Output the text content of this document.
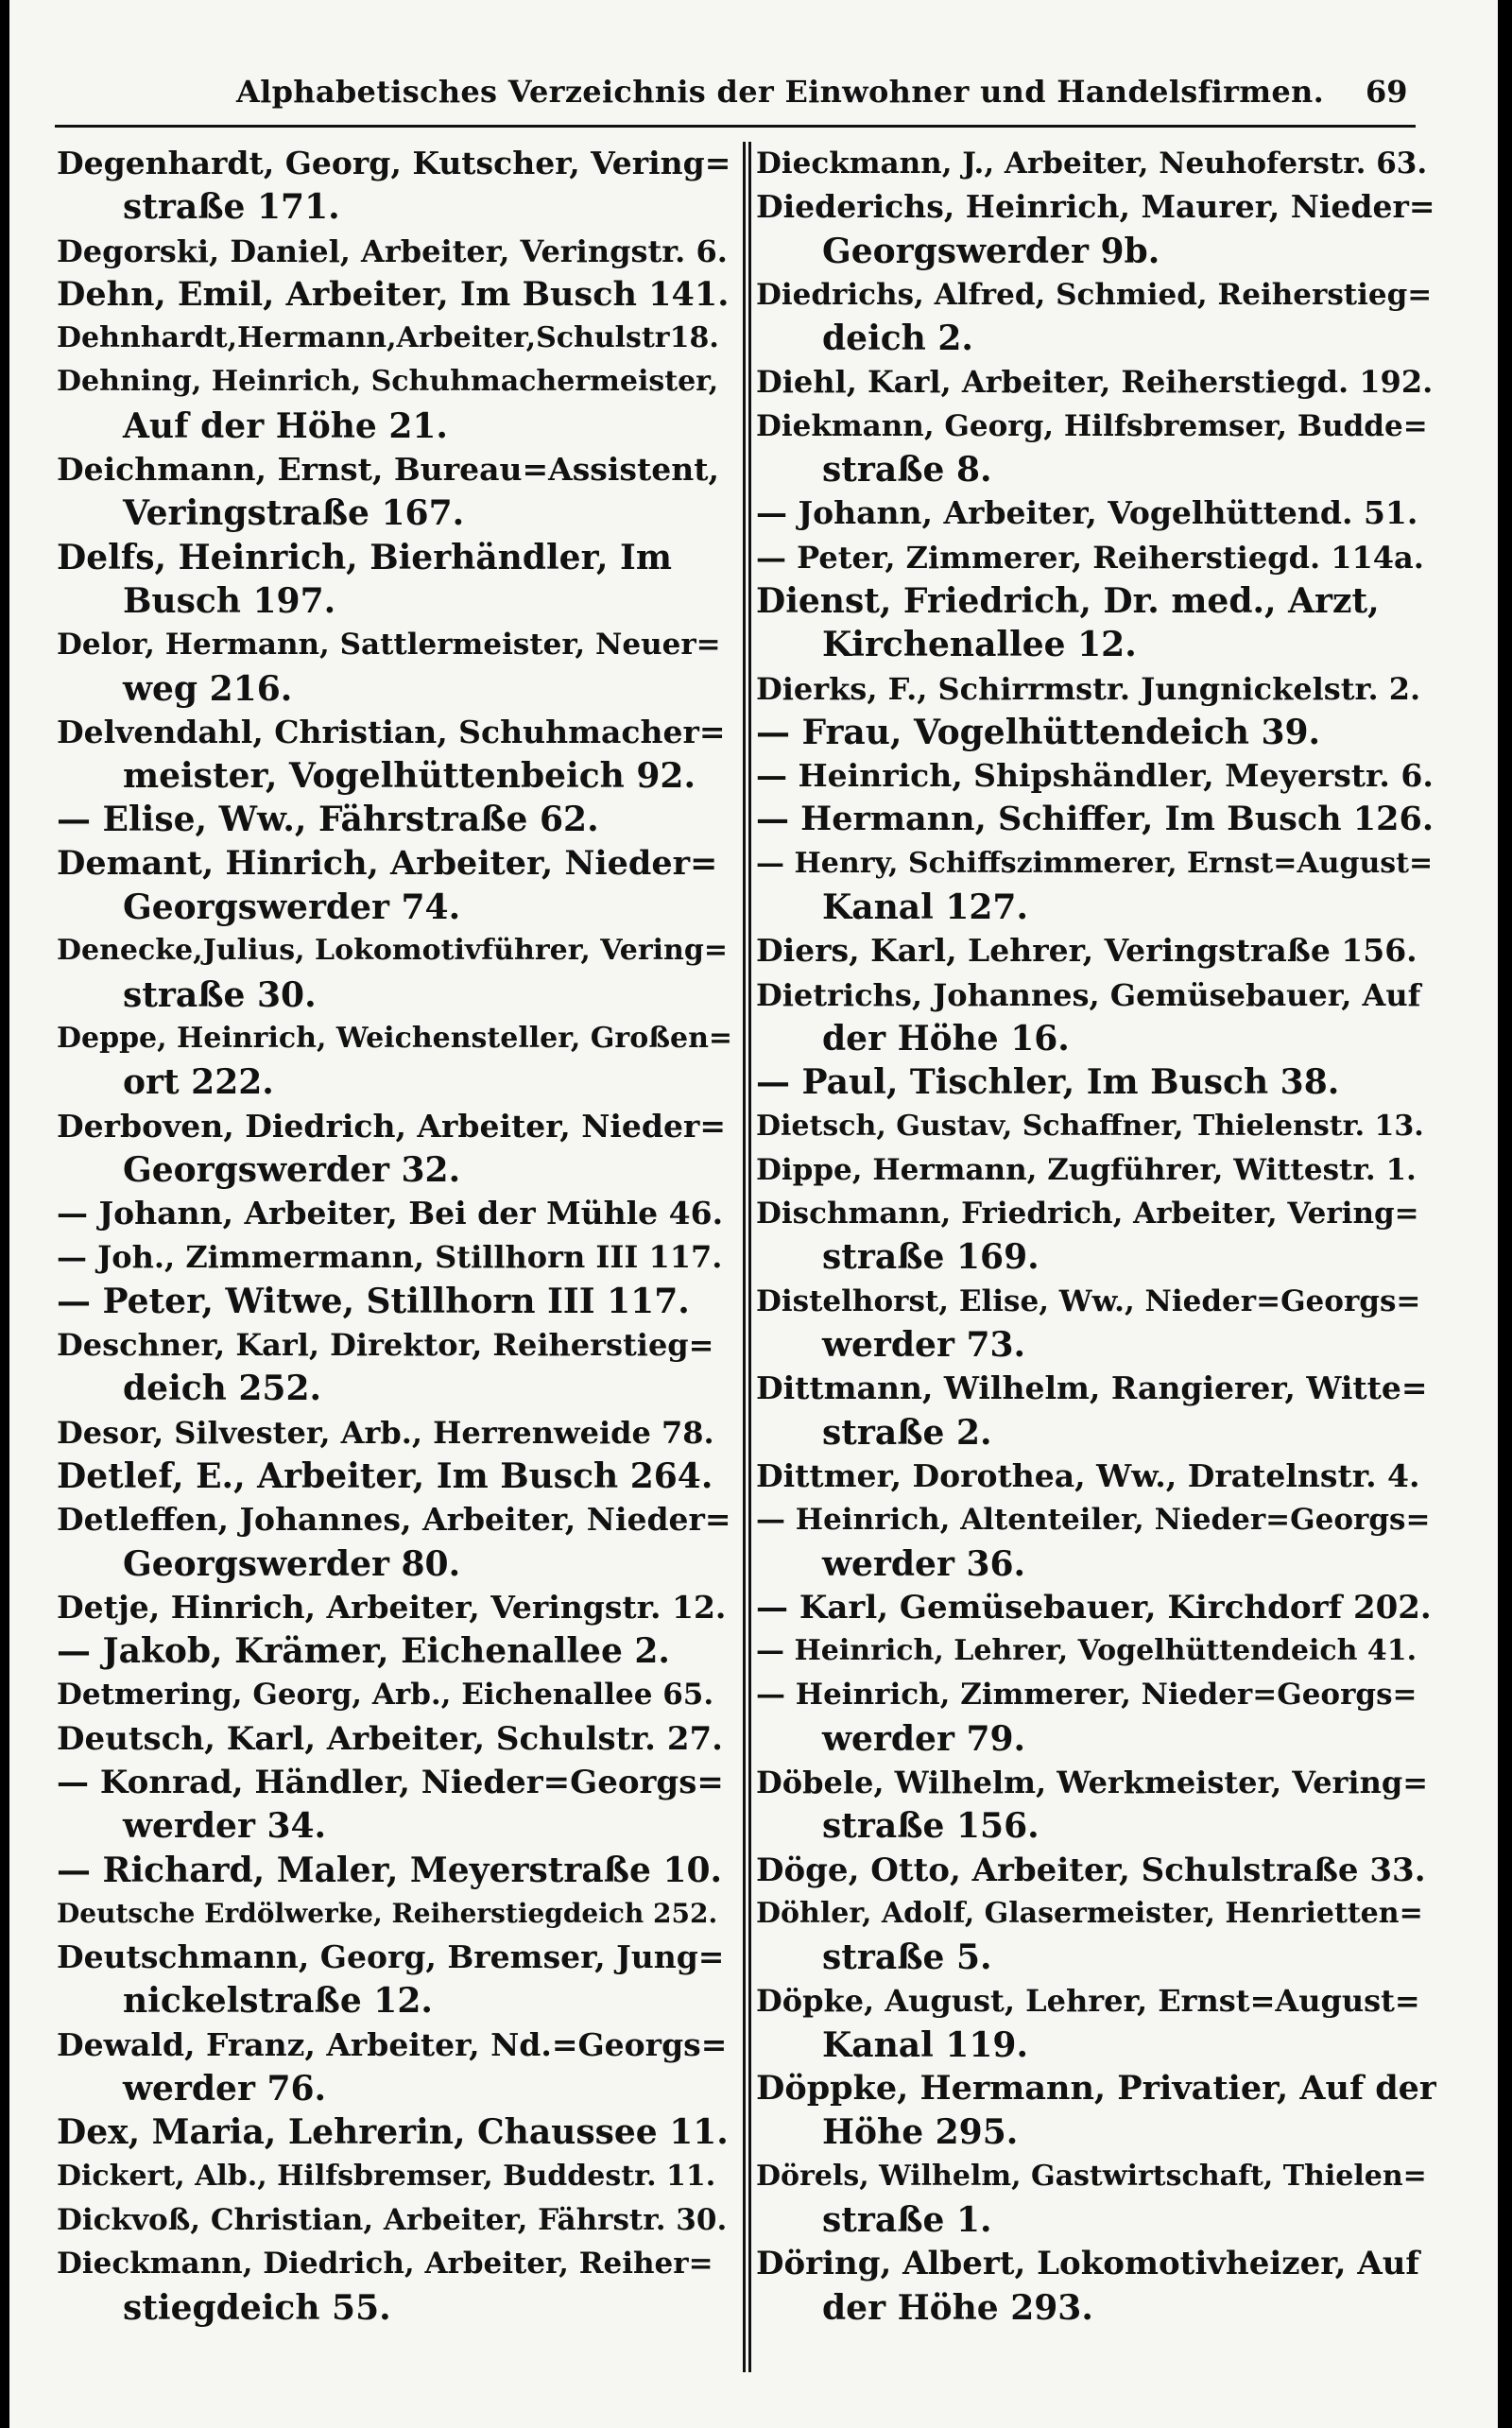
Alphabetisches Verzeichnis der Einwohner und Handelsfirmen. 69
Degenhardt, Georg, Kutscher, Vering=
straße 171.
Degorski, Daniel, Arbeiter, Veringstr. 6.
Dehn, Emil, Arbeiter, Im Busch 141.
Dehnhardt,Hermann,Arbeiter,Schulstr18.
Dehning, Heinrich, Schuhmachermeister,
Auf der Höhe 21.
Deichmann, Ernst, Bureau=Assistent,
Veringstraße 167.
Delfs, Heinrich, Bierhändler, Im
Busch 197.
Delor, Hermann, Sattlermeister, Neuer=
weg 216.
Delvendahl, Christian, Schuhmacher=
meister, Vogelhüttenbeich 92.
— Elise, Ww., Fährstraße 62.
Demant, Hinrich, Arbeiter, Nieder=
Georgswerder 74.
Denecke,Julius, Lokomotivführer, Vering=
straße 30.
Deppe, Heinrich, Weichensteller, Großen=
ort 222.
Derboven, Diedrich, Arbeiter, Nieder=
Georgswerder 32.
— Johann, Arbeiter, Bei der Mühle 46.
— Joh., Zimmermann, Stillhorn III 117.
— Peter, Witwe, Stillhorn III 117.
Deschner, Karl, Direktor, Reiherstieg=
deich 252.
Desor, Silvester, Arb., Herrenweide 78.
Detlef, E., Arbeiter, Im Busch 264.
Detleffen, Johannes, Arbeiter, Nieder=
Georgswerder 80.
Detje, Hinrich, Arbeiter, Veringstr. 12.
— Jakob, Krämer, Eichenallee 2.
Detmering, Georg, Arb., Eichenallee 65.
Deutsch, Karl, Arbeiter, Schulstr. 27.
— Konrad, Händler, Nieder=Georgs=
werder 34.
— Richard, Maler, Meyerstraße 10.
Deutsche Erdölwerke, Reiherstiegdeich 252.
Deutschmann, Georg, Bremser, Jung=
nickelstraße 12.
Dewald, Franz, Arbeiter, Nd.=Georgs=
werder 76.
Dex, Maria, Lehrerin, Chaussee 11.
Dickert, Alb., Hilfsbremser, Buddestr. 11.
Dickvoß, Christian, Arbeiter, Fährstr. 30.
Dieckmann, Diedrich, Arbeiter, Reiher=
stiegdeich 55.
Dieckmann, J., Arbeiter, Neuhoferstr. 63.
Diederichs, Heinrich, Maurer, Nieder=
Georgswerder 9b.
Diedrichs, Alfred, Schmied, Reiherstieg=
deich 2.
Diehl, Karl, Arbeiter, Reiherstiegd. 192.
Diekmann, Georg, Hilfsbremser, Budde=
straße 8.
— Johann, Arbeiter, Vogelhüttend. 51.
— Peter, Zimmerer, Reiherstiegd. 114a.
Dienst, Friedrich, Dr. med., Arzt,
Kirchenallee 12.
Dierks, F., Schirrmstr. Jungnickelstr. 2.
— Frau, Vogelhüttendeich 39.
— Heinrich, Shipshändler, Meyerstr. 6.
— Hermann, Schiffer, Im Busch 126.
— Henry, Schiffszimmerer, Ernst=August=
Kanal 127.
Diers, Karl, Lehrer, Veringstraße 156.
Dietrichs, Johannes, Gemüsebauer, Auf
der Höhe 16.
— Paul, Tischler, Im Busch 38.
Dietsch, Gustav, Schaffner, Thielenstr. 13.
Dippe, Hermann, Zugführer, Wittestr. 1.
Dischmann, Friedrich, Arbeiter, Vering=
straße 169.
Distelhorst, Elise, Ww., Nieder=Georgs=
werder 73.
Dittmann, Wilhelm, Rangierer, Witte=
straße 2.
Dittmer, Dorothea, Ww., Dratelnstr. 4.
— Heinrich, Altenteiler, Nieder=Georgs=
werder 36.
— Karl, Gemüsebauer, Kirchdorf 202.
— Heinrich, Lehrer, Vogelhüttendeich 41.
— Heinrich, Zimmerer, Nieder=Georgs=
werder 79.
Döbele, Wilhelm, Werkmeister, Vering=
straße 156.
Döge, Otto, Arbeiter, Schulstraße 33.
Döhler, Adolf, Glasermeister, Henrietten=
straße 5.
Döpke, August, Lehrer, Ernst=August=
Kanal 119.
Döppke, Hermann, Privatier, Auf der
Höhe 295.
Dörels, Wilhelm, Gastwirtschaft, Thielen=
straße 1.
Döring, Albert, Lokomotivheizer, Auf
der Höhe 293.
